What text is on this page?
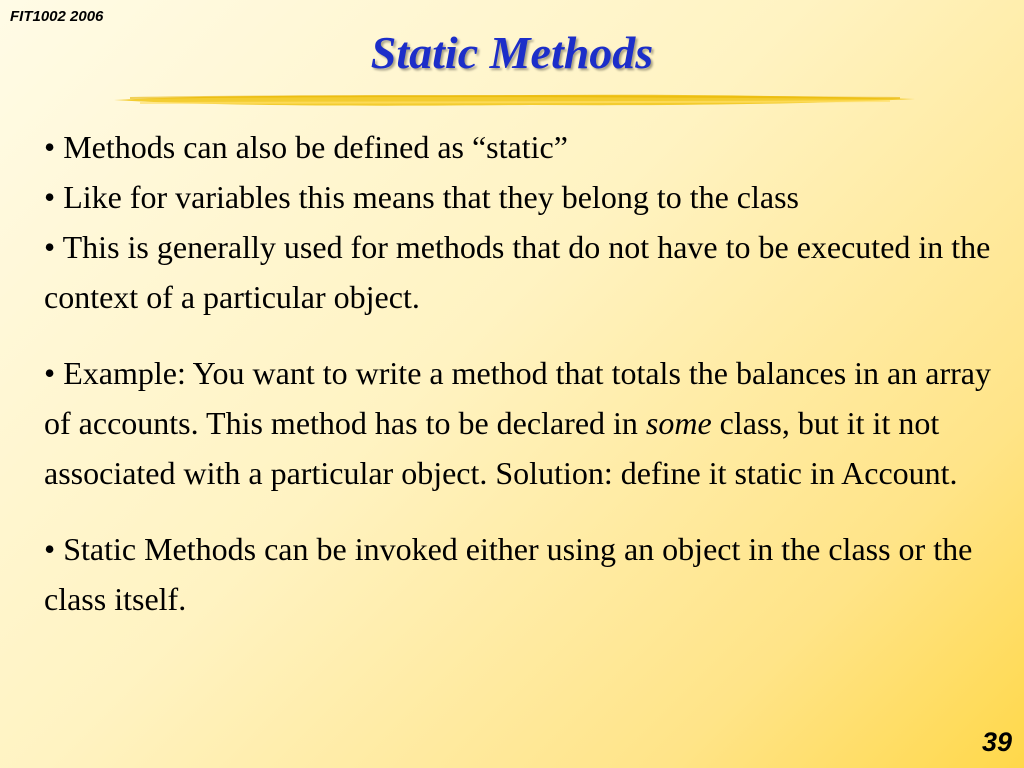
FIT1002 2006
Static Methods

• Methods can also be defined as “static”

• Like for variables this means that they belong to the class

• This is generally used for methods that do not have to be executed in the context of a particular object.

• Example: You want to write a method that totals the balances in an array of accounts. This method has to be declared in some class, but it it not associated with a particular object. Solution: define it static in Account.

• Static Methods can be invoked either using an object in the class or the class itself.

39
